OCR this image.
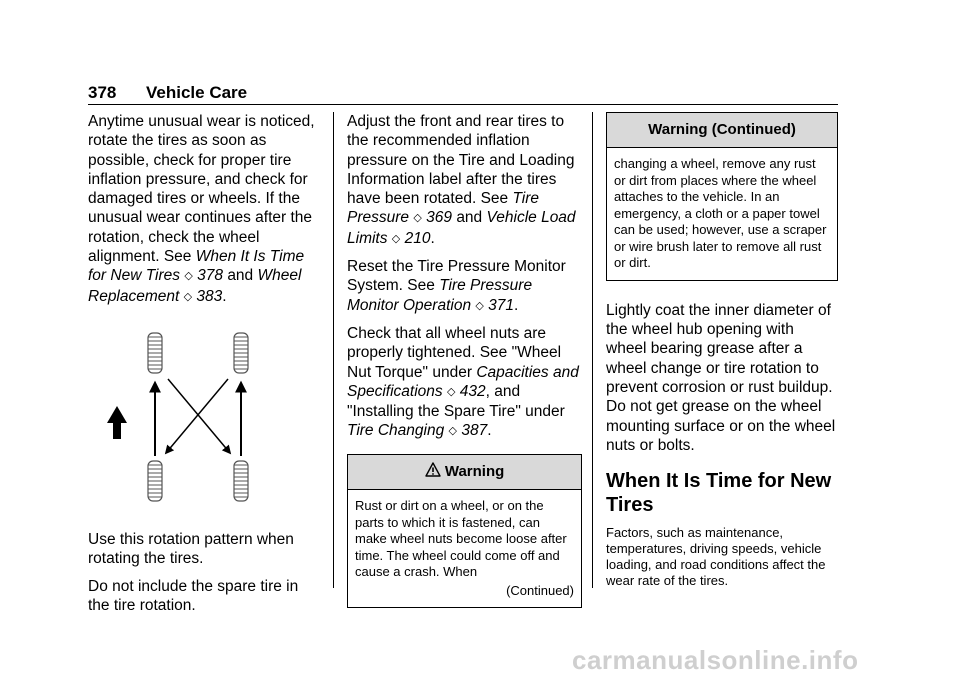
378 Vehicle Care

Anytime unusual wear is noticed, rotate the tires as soon as possible, check for proper tire inflation pressure, and check for damaged tires or wheels. If the unusual wear continues after the rotation, check the wheel alignment. See When It Is Time for New Tires ◇ 378 and Wheel Replacement ◇ 383.

Use this rotation pattern when rotating the tires.

Do not include the spare tire in the tire rotation.

Adjust the front and rear tires to the recommended inflation pressure on the Tire and Loading Information label after the tires have been rotated. See Tire Pressure ◇ 369 and Vehicle Load Limits ◇ 210.

Reset the Tire Pressure Monitor System. See Tire Pressure Monitor Operation ◇ 371.

Check that all wheel nuts are properly tightened. See "Wheel Nut Torque" under Capacities and Specifications ◇ 432, and "Installing the Spare Tire" under Tire Changing ◇ 387.

Warning
Rust or dirt on a wheel, or on the parts to which it is fastened, can make wheel nuts become loose after time. The wheel could come off and cause a crash. When
(Continued)
Warning (Continued)
changing a wheel, remove any rust or dirt from places where the wheel attaches to the vehicle. In an emergency, a cloth or a paper towel can be used; however, use a scraper or wire brush later to remove all rust or dirt.

Lightly coat the inner diameter of the wheel hub opening with wheel bearing grease after a wheel change or tire rotation to prevent corrosion or rust buildup. Do not get grease on the wheel mounting surface or on the wheel nuts or bolts.

When It Is Time for New Tires

Factors, such as maintenance, temperatures, driving speeds, vehicle loading, and road conditions affect the wear rate of the tires.

carmanualsonline.info
